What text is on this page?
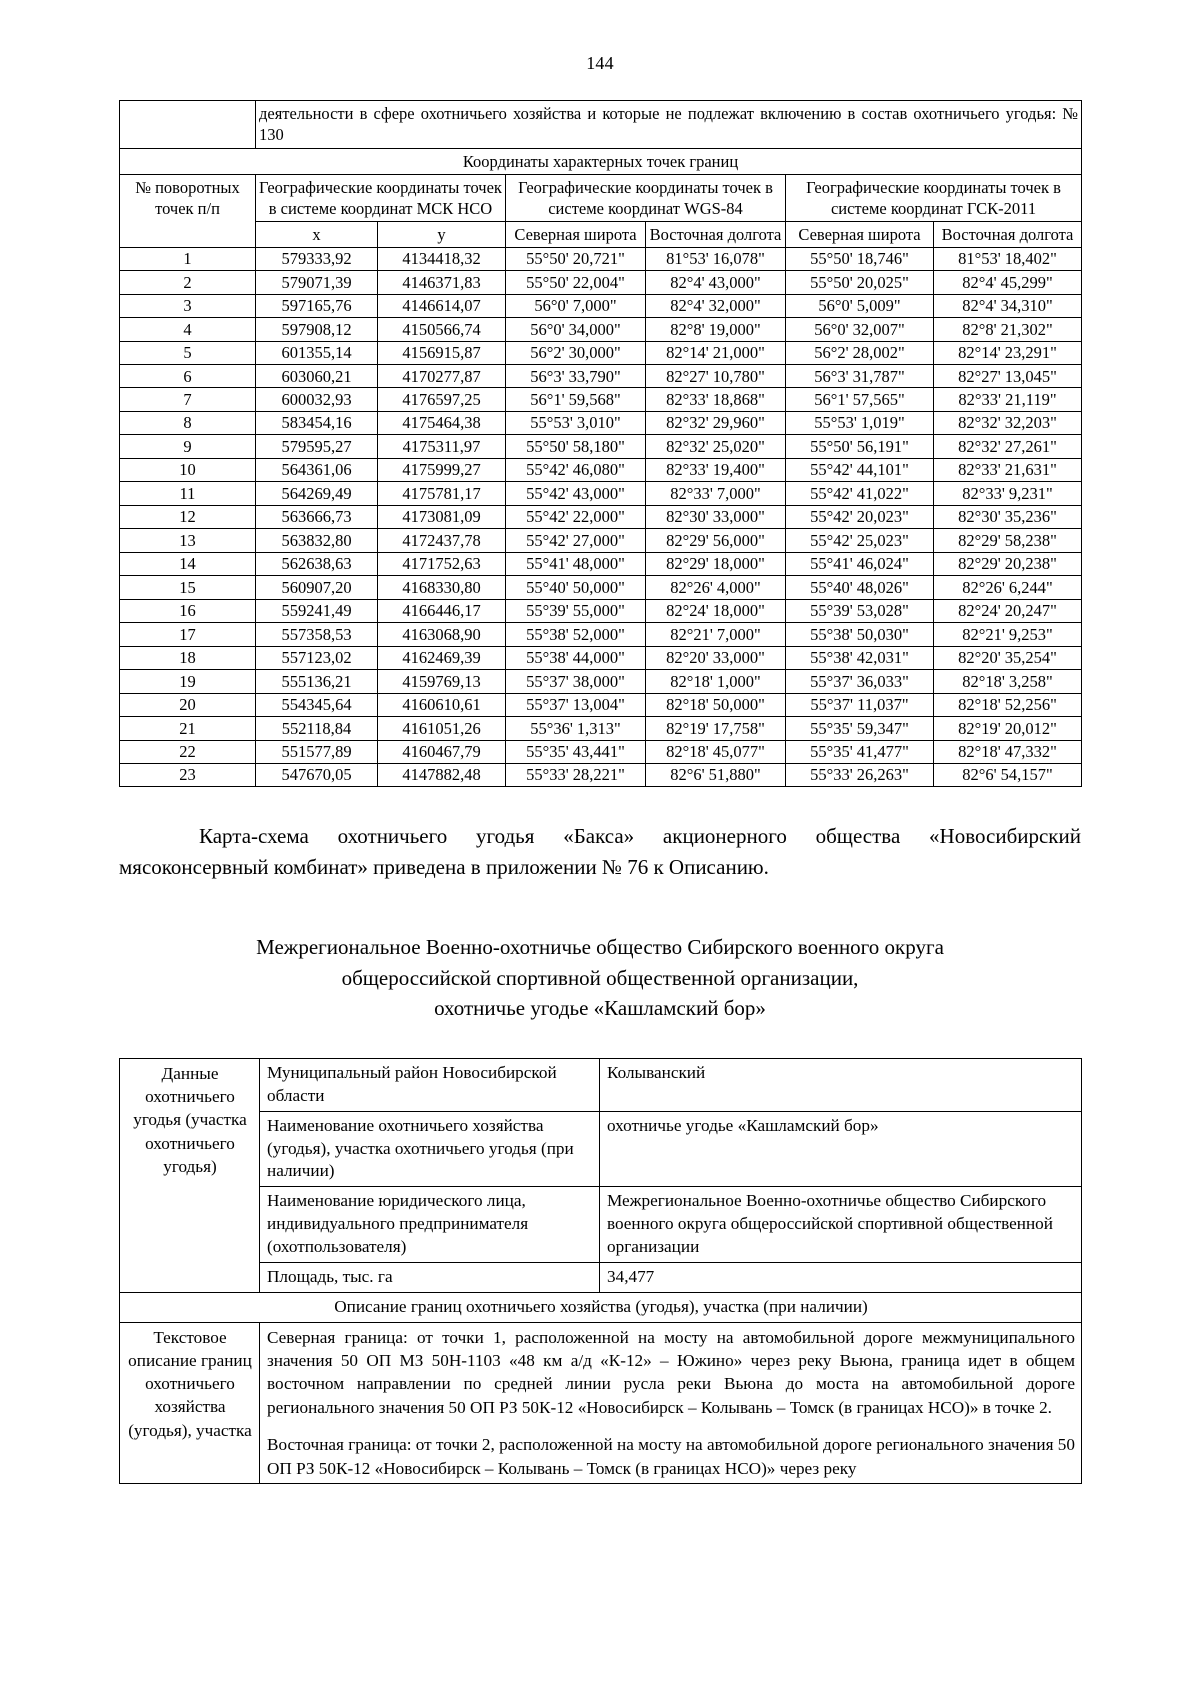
144
	деятельности в сфере охотничьего хозяйства и которые не подлежат включению в состав охотничьего угодья: № 130					
Координаты характерных точек границ						
№ поворотных точек п/п	Географические координаты точек в системе координат МСК НСО		Географические координаты точек в системе координат WGS-84		Географические координаты точек в системе координат ГСК-2011	
	x	y	Северная широта	Восточная долгота	Северная широта	Восточная долгота
1	579333,92	4134418,32	55°50' 20,721"	81°53' 16,078"	55°50' 18,746"	81°53' 18,402"
2	579071,39	4146371,83	55°50' 22,004"	82°4' 43,000"	55°50' 20,025"	82°4' 45,299"
3	597165,76	4146614,07	56°0' 7,000"	82°4' 32,000"	56°0' 5,009"	82°4' 34,310"
4	597908,12	4150566,74	56°0' 34,000"	82°8' 19,000"	56°0' 32,007"	82°8' 21,302"
5	601355,14	4156915,87	56°2' 30,000"	82°14' 21,000"	56°2' 28,002"	82°14' 23,291"
6	603060,21	4170277,87	56°3' 33,790"	82°27' 10,780"	56°3' 31,787"	82°27' 13,045"
7	600032,93	4176597,25	56°1' 59,568"	82°33' 18,868"	56°1' 57,565"	82°33' 21,119"
8	583454,16	4175464,38	55°53' 3,010"	82°32' 29,960"	55°53' 1,019"	82°32' 32,203"
9	579595,27	4175311,97	55°50' 58,180"	82°32' 25,020"	55°50' 56,191"	82°32' 27,261"
10	564361,06	4175999,27	55°42' 46,080"	82°33' 19,400"	55°42' 44,101"	82°33' 21,631"
11	564269,49	4175781,17	55°42' 43,000"	82°33' 7,000"	55°42' 41,022"	82°33' 9,231"
12	563666,73	4173081,09	55°42' 22,000"	82°30' 33,000"	55°42' 20,023"	82°30' 35,236"
13	563832,80	4172437,78	55°42' 27,000"	82°29' 56,000"	55°42' 25,023"	82°29' 58,238"
14	562638,63	4171752,63	55°41' 48,000"	82°29' 18,000"	55°41' 46,024"	82°29' 20,238"
15	560907,20	4168330,80	55°40' 50,000"	82°26' 4,000"	55°40' 48,026"	82°26' 6,244"
16	559241,49	4166446,17	55°39' 55,000"	82°24' 18,000"	55°39' 53,028"	82°24' 20,247"
17	557358,53	4163068,90	55°38' 52,000"	82°21' 7,000"	55°38' 50,030"	82°21' 9,253"
18	557123,02	4162469,39	55°38' 44,000"	82°20' 33,000"	55°38' 42,031"	82°20' 35,254"
19	555136,21	4159769,13	55°37' 38,000"	82°18' 1,000"	55°37' 36,033"	82°18' 3,258"
20	554345,64	4160610,61	55°37' 13,004"	82°18' 50,000"	55°37' 11,037"	82°18' 52,256"
21	552118,84	4161051,26	55°36' 1,313"	82°19' 17,758"	55°35' 59,347"	82°19' 20,012"
22	551577,89	4160467,79	55°35' 43,441"	82°18' 45,077"	55°35' 41,477"	82°18' 47,332"
23	547670,05	4147882,48	55°33' 28,221"	82°6' 51,880"	55°33' 26,263"	82°6' 54,157"

Карта-схема охотничьего угодья «Бакса» акционерного общества «Новосибирский мясоконсервный комбинат» приведена в приложении № 76 к Описанию.

Межрегиональное Военно-охотничье общество Сибирского военного округа
общероссийской спортивной общественной организации,
охотничье угодье «Кашламский бор»
Данные охотничьего угодья (участка охотничьего угодья)	Муниципальный район Новосибирской области	Колыванский
	Наименование охотничьего хозяйства (угодья), участка охотничьего угодья (при наличии)	охотничье угодье «Кашламский бор»
	Наименование юридического лица, индивидуального предпринимателя (охотпользователя)	Межрегиональное Военно-охотничье общество Сибирского военного округа общероссийской спортивной общественной организации
	Площадь, тыс. га	34,477
Описание границ охотничьего хозяйства (угодья), участка (при наличии)		
Текстовое описание границ охотничьего хозяйства (угодья), участка	Северная граница: от точки 1, расположенной на мосту на автомобильной дороге межмуниципального значения 50 ОП МЗ 50Н-1103 «48 км а/д «К-12» – Южино» через реку Вьюна, граница идет в общем восточном направлении по средней линии русла реки Вьюна до моста на автомобильной дороге регионального значения 50 ОП РЗ 50К-12 «Новосибирск – Колывань – Томск (в границах НСО)» в точке 2.

Восточная граница: от точки 2, расположенной на мосту на автомобильной дороге регионального значения 50 ОП РЗ 50К-12 «Новосибирск – Колывань – Томск (в границах НСО)» через реку	
